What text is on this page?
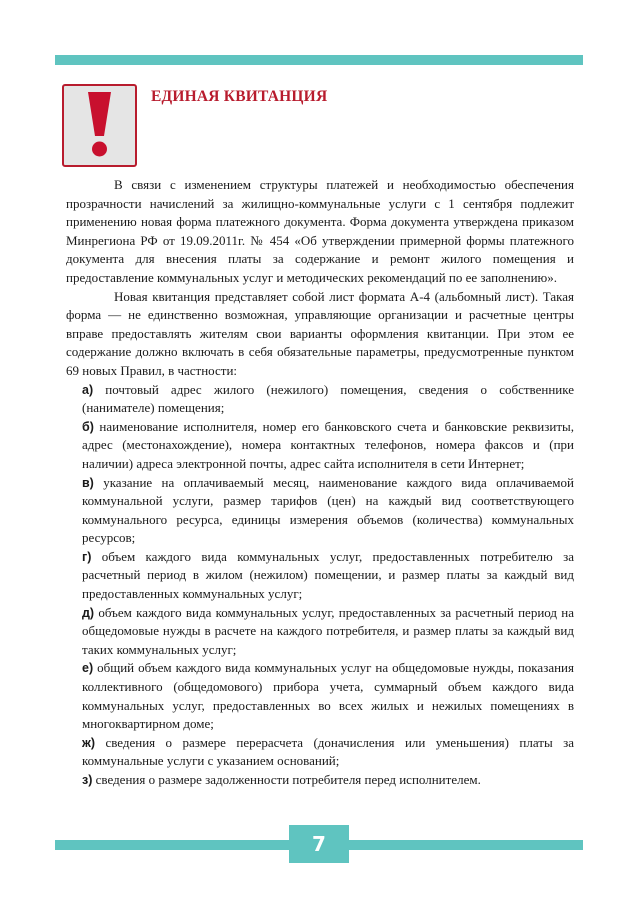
ЕДИНАЯ КВИТАНЦИЯ

В связи с изменением структуры платежей и необходимостью обеспечения прозрачности начислений за жилищно-коммунальные услуги с 1 сентября подлежит применению новая форма платежного документа. Форма документа утверждена приказом Минрегиона РФ от 19.09.2011г. № 454 «Об утверждении примерной формы платежного документа для внесения платы за содержание и ремонт жилого помещения и предоставление коммунальных услуг и методических рекомендаций по ее заполнению».

Новая квитанция представляет собой лист формата А-4 (альбомный лист). Такая форма — не единственно возможная, управляющие организации и расчетные центры вправе предоставлять жителям свои варианты оформления квитанции. При этом ее содержание должно включать в себя обязательные параметры, предусмотренные пунктом 69 новых Правил, в частности:

а) почтовый адрес жилого (нежилого) помещения, сведения о собственнике (нанимателе) помещения;
б) наименование исполнителя, номер его банковского счета и банковские реквизиты, адрес (местонахождение), номера контактных телефонов, номера факсов и (при наличии) адреса электронной почты, адрес сайта исполнителя в сети Интернет;
в) указание на оплачиваемый месяц, наименование каждого вида оплачиваемой коммунальной услуги, размер тарифов (цен) на каждый вид соответствующего коммунального ресурса, единицы измерения объемов (количества) коммунальных ресурсов;
г) объем каждого вида коммунальных услуг, предоставленных потребителю за расчетный период в жилом (нежилом) помещении, и размер платы за каждый вид предоставленных коммунальных услуг;
д) объем каждого вида коммунальных услуг, предоставленных за расчетный период на общедомовые нужды в расчете на каждого потребителя, и размер платы за каждый вид таких коммунальных услуг;
е) общий объем каждого вида коммунальных услуг на общедомовые нужды, показания коллективного (общедомового) прибора учета, суммарный объем каждого вида коммунальных услуг, предоставленных во всех жилых и нежилых помещениях в многоквартирном доме;
ж) сведения о размере перерасчета (доначисления или уменьшения) платы за коммунальные услуги с указанием оснований;
з) сведения о размере задолженности потребителя перед исполнителем.
7
